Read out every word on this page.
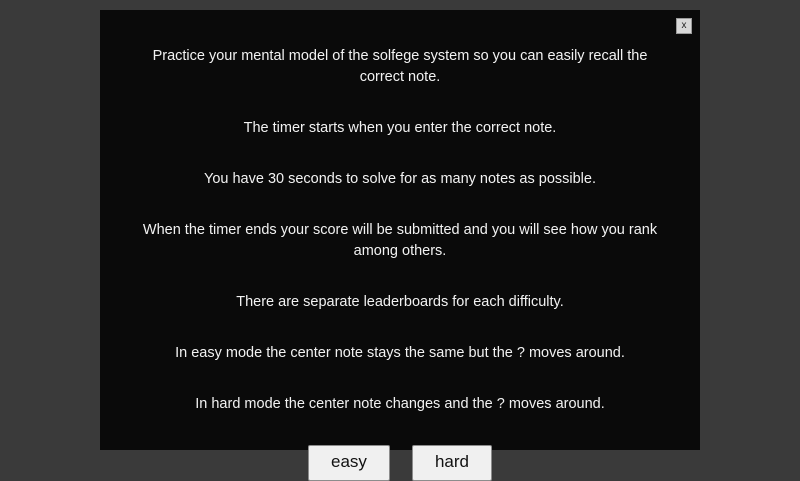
x

Practice your mental model of the solfege system so you can easily recall the correct note.

The timer starts when you enter the correct note.

You have 30 seconds to solve for as many notes as possible.

When the timer ends your score will be submitted and you will see how you rank among others.

There are separate leaderboards for each difficulty.

In easy mode the center note stays the same but the ? moves around.

In hard mode the center note changes and the ? moves around.

easy	hard
